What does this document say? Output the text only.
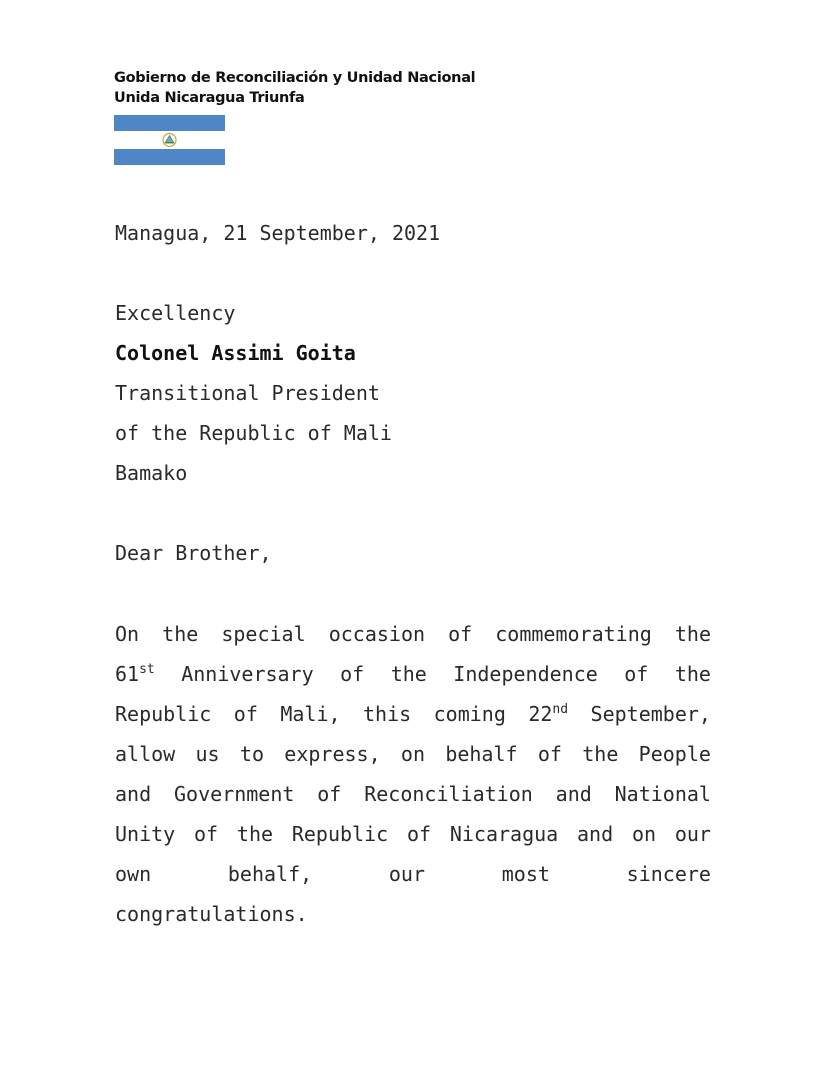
Gobierno de Reconciliación y Unidad Nacional
Unida Nicaragua Triunfa
Managua, 21 September, 2021
Excellency
Colonel Assimi Goita
Transitional President
of the Republic of Mali
Bamako
Dear Brother,
On the special occasion of commemorating the
61st Anniversary of the Independence of the
Republic of Mali, this coming 22nd September,
allow us to express, on behalf of the People
and Government of Reconciliation and National
Unity of the Republic of Nicaragua and on our
own	behalf,	our	most	sincere
congratulations.
